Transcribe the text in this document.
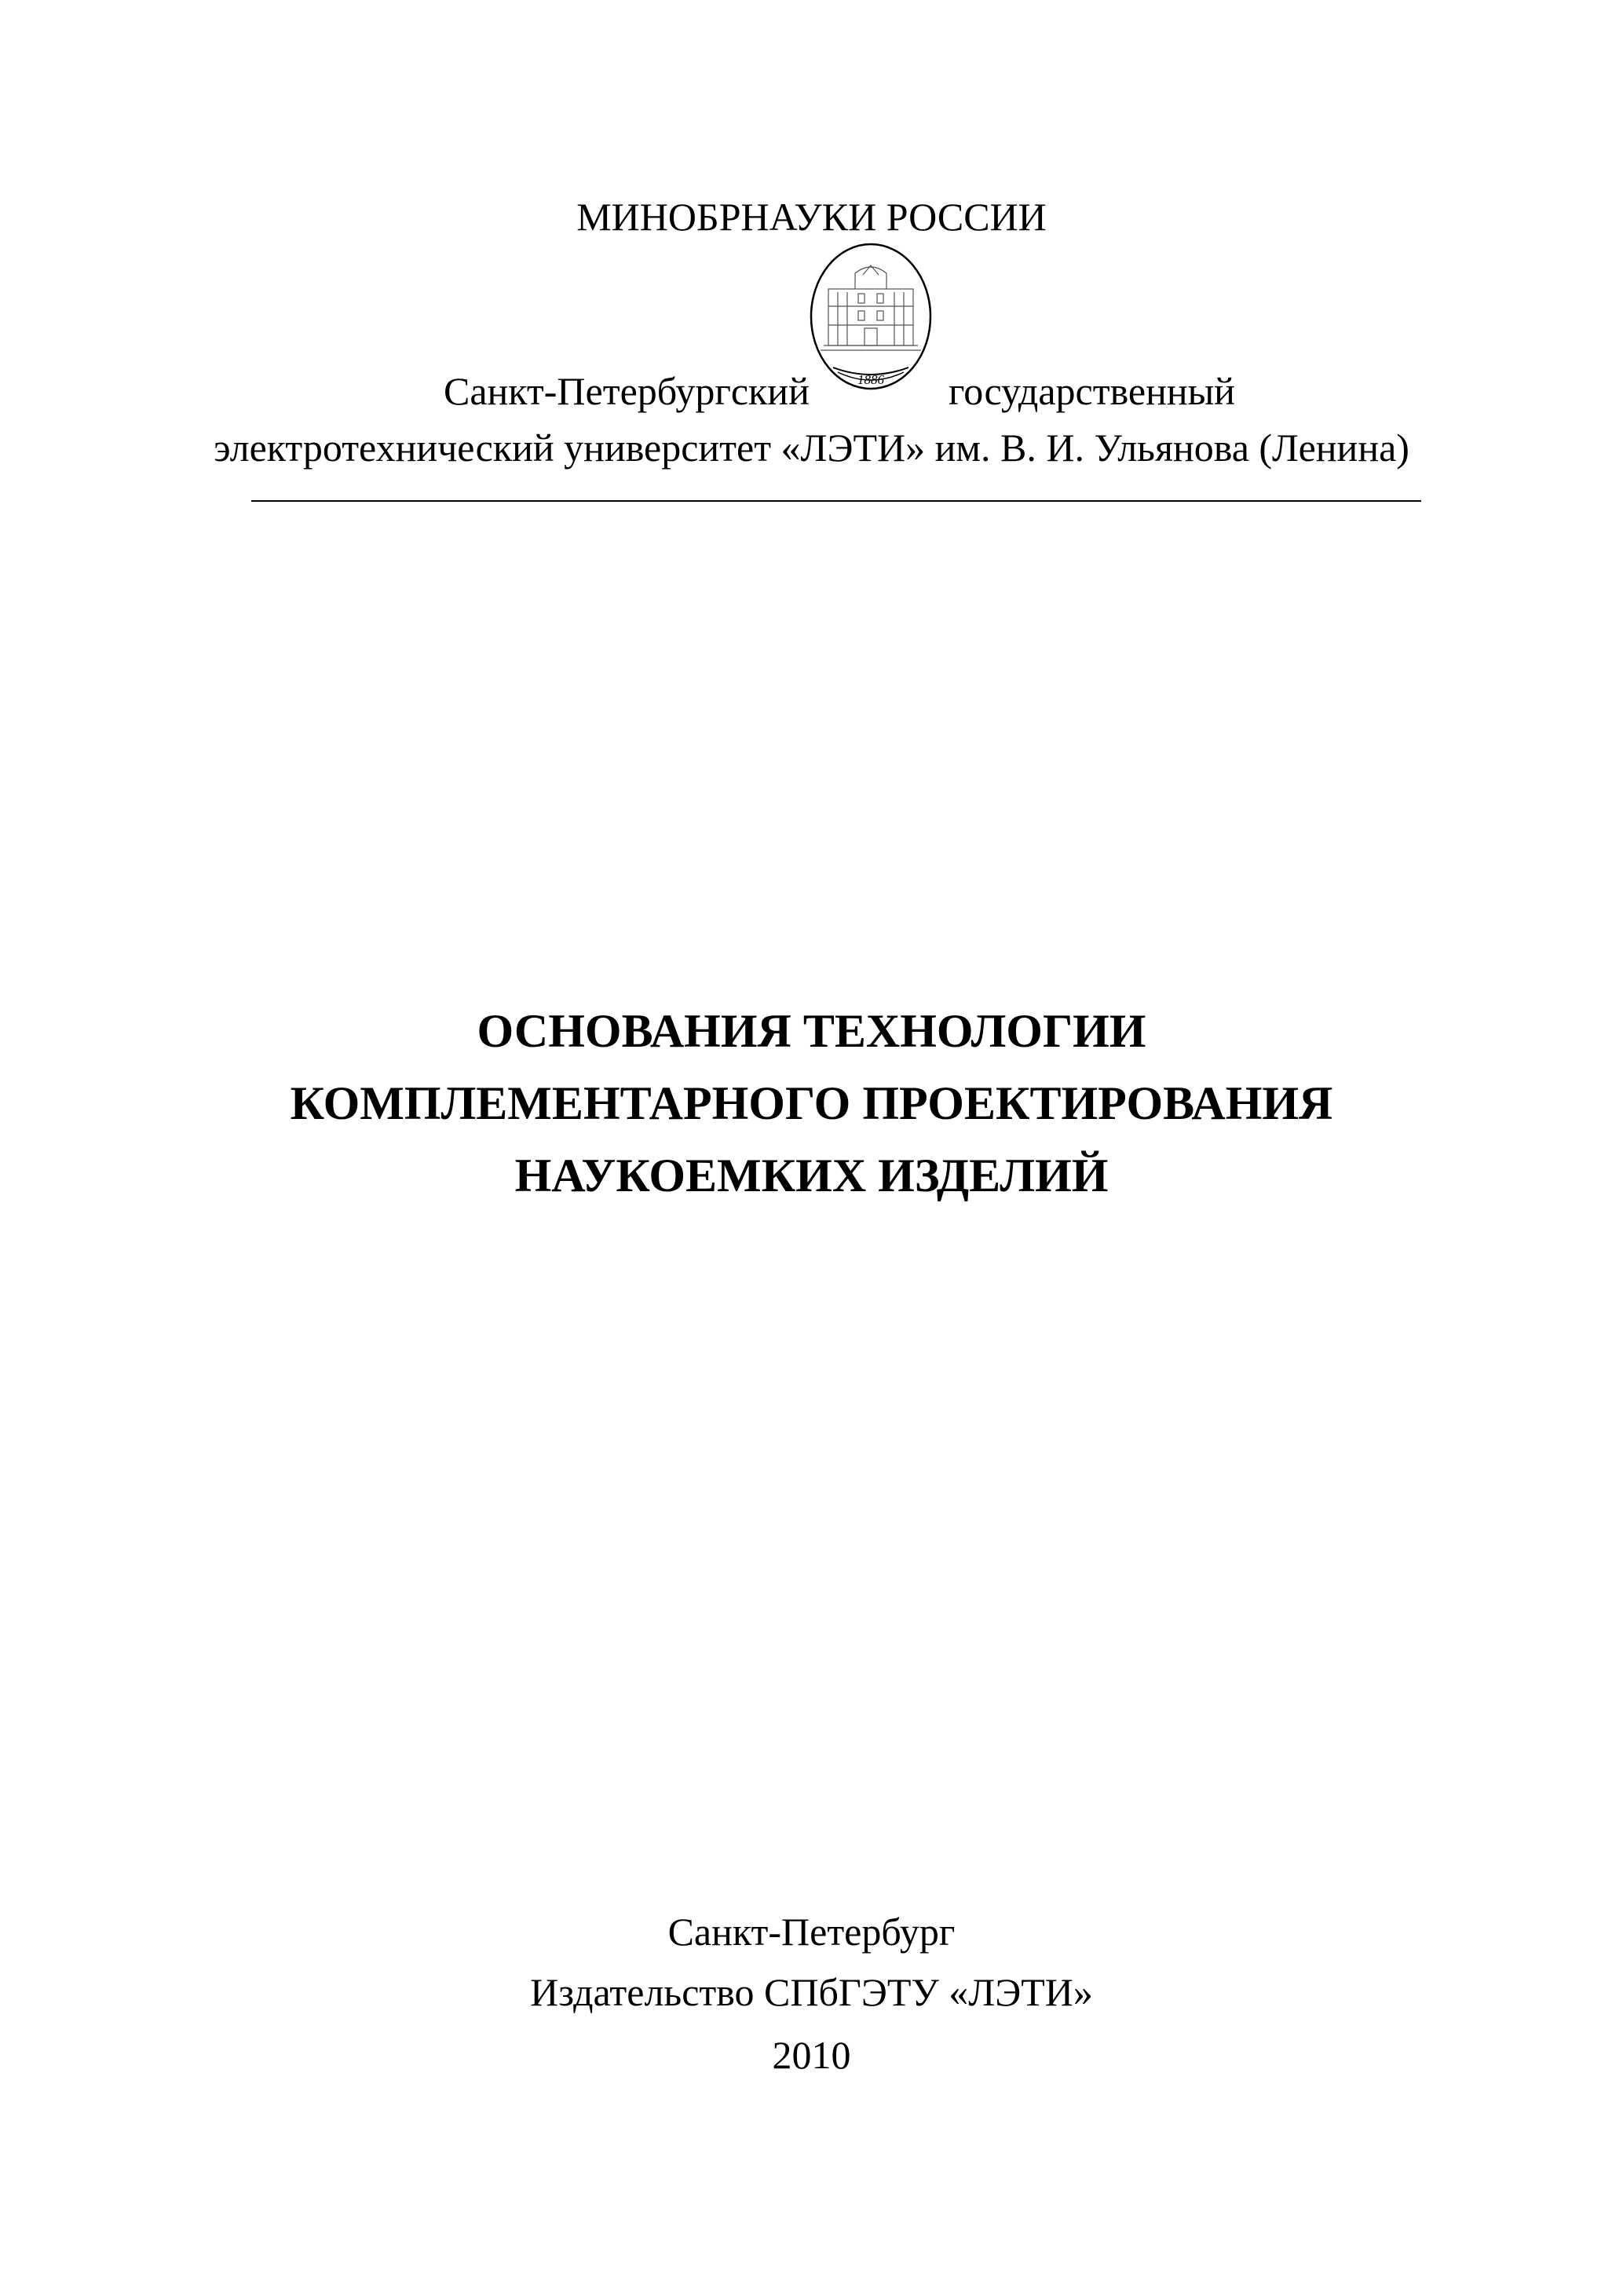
МИНОБРНАУКИ РОССИИ
1886
Санкт-Петербургский	государственный
электротехнический университет «ЛЭТИ» им. В. И. Ульянова (Ленина)
ОСНОВАНИЯ ТЕХНОЛОГИИ
КОМПЛЕМЕНТАРНОГО ПРОЕКТИРОВАНИЯ
НАУКОЕМКИХ ИЗДЕЛИЙ
Санкт-Петербург
Издательство СПбГЭТУ «ЛЭТИ»
2010
